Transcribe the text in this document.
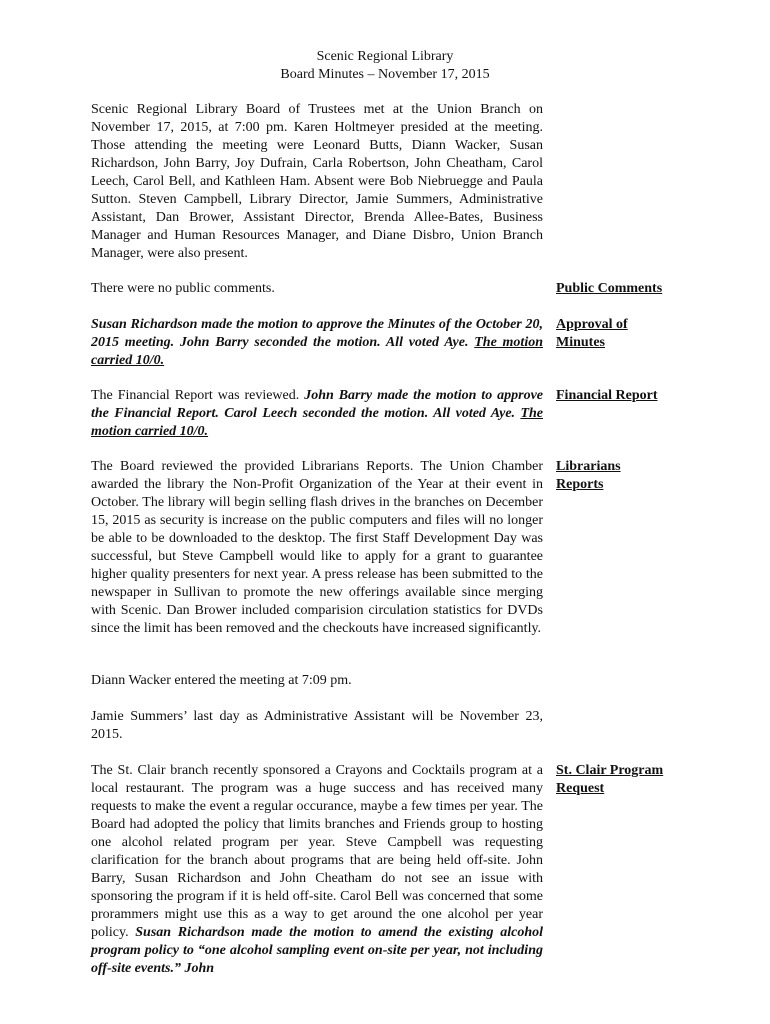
Scenic Regional Library
Board Minutes – November 17, 2015

Scenic Regional Library Board of Trustees met at the Union Branch on November 17, 2015, at 7:00 pm. Karen Holtmeyer presided at the meeting. Those attending the meeting were Leonard Butts, Diann Wacker, Susan Richardson, John Barry, Joy Dufrain, Carla Robertson, John Cheatham, Carol Leech, Carol Bell, and Kathleen Ham. Absent were Bob Niebruegge and Paula Sutton. Steven Campbell, Library Director, Jamie Summers, Administrative Assistant, Dan Brower, Assistant Director, Brenda Allee-Bates, Business Manager and Human Resources Manager, and Diane Disbro, Union Branch Manager, were also present.

There were no public comments.	Public Comments

Susan Richardson made the motion to approve the Minutes of the October 20, 2015 meeting. John Barry seconded the motion. All voted Aye. The motion carried 10/0.

Approval of
Minutes

The Financial Report was reviewed. John Barry made the motion to approve the Financial Report. Carol Leech seconded the motion. All voted Aye. The motion carried 10/0.

Financial Report

The Board reviewed the provided Librarians Reports. The Union Chamber awarded the library the Non-Profit Organization of the Year at their event in October. The library will begin selling flash drives in the branches on December 15, 2015 as security is increase on the public computers and files will no longer be able to be downloaded to the desktop. The first Staff Development Day was successful, but Steve Campbell would like to apply for a grant to guarantee higher quality presenters for next year. A press release has been submitted to the newspaper in Sullivan to promote the new offerings available since merging with Scenic. Dan Brower included comparision circulation statistics for DVDs since the limit has been removed and the checkouts have increased significantly.

Librarians
Reports

Diann Wacker entered the meeting at 7:09 pm.

Jamie Summers’ last day as Administrative Assistant will be November 23, 2015.

The St. Clair branch recently sponsored a Crayons and Cocktails program at a local restaurant. The program was a huge success and has received many requests to make the event a regular occurance, maybe a few times per year. The Board had adopted the policy that limits branches and Friends group to hosting one alcohol related program per year. Steve Campbell was requesting clarification for the branch about programs that are being held off-site. John Barry, Susan Richardson and John Cheatham do not see an issue with sponsoring the program if it is held off-site. Carol Bell was concerned that some prorammers might use this as a way to get around the one alcohol per year policy. Susan Richardson made the motion to amend the existing alcohol program policy to “one alcohol sampling event on-site per year, not including off-site events.” John

St. Clair Program
Request
